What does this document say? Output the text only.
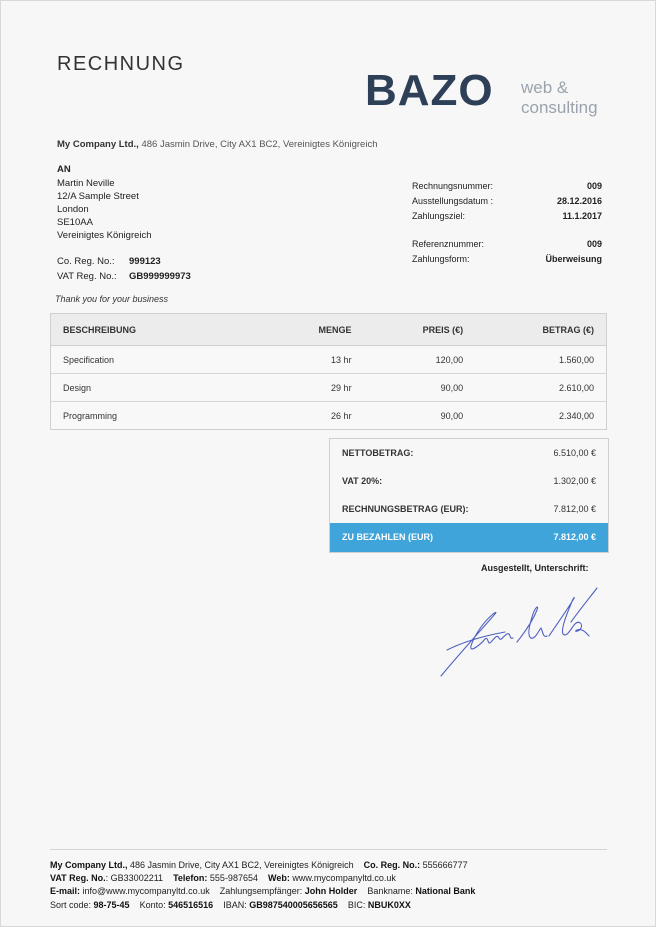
RECHNUNG
BAZO web &
consulting
My Company Ltd., 486 Jasmin Drive, City AX1 BC2, Vereinigtes Königreich
AN
Martin Neville
12/A Sample Street
London
SE10AA
Vereinigtes Königreich
Co. Reg. No.: 999123
VAT Reg. No.: GB999999973
Rechnungsnummer:	009
Ausstellungsdatum :	28.12.2016
Zahlungsziel:	11.1.2017
Referenznummer:	009
Zahlungsform:	Überweisung
Thank you for your business
BESCHREIBUNG	MENGE	PREIS (€)	BETRAG (€)
Specification	13 hr	120,00	1.560,00
Design	29 hr	90,00	2.610,00
Programming	26 hr	90,00	2.340,00
NETTOBETRAG:	6.510,00 €
VAT 20%:	1.302,00 €
RECHNUNGSBETRAG (EUR):	7.812,00 €
ZU BEZAHLEN (EUR)	7.812,00 €
Ausgestellt, Unterschrift:
My Company Ltd., 486 Jasmin Drive, City AX1 BC2, Vereinigtes Königreich Co. Reg. No.: 555666777
VAT Reg. No.: GB33002211 Telefon: 555-987654 Web: www.mycompanyltd.co.uk
E-mail: info@www.mycompanyltd.co.uk Zahlungsempfänger: John Holder Bankname: National Bank
Sort code: 98-75-45 Konto: 546516516 IBAN: GB987540005656565 BIC: NBUK0XX
